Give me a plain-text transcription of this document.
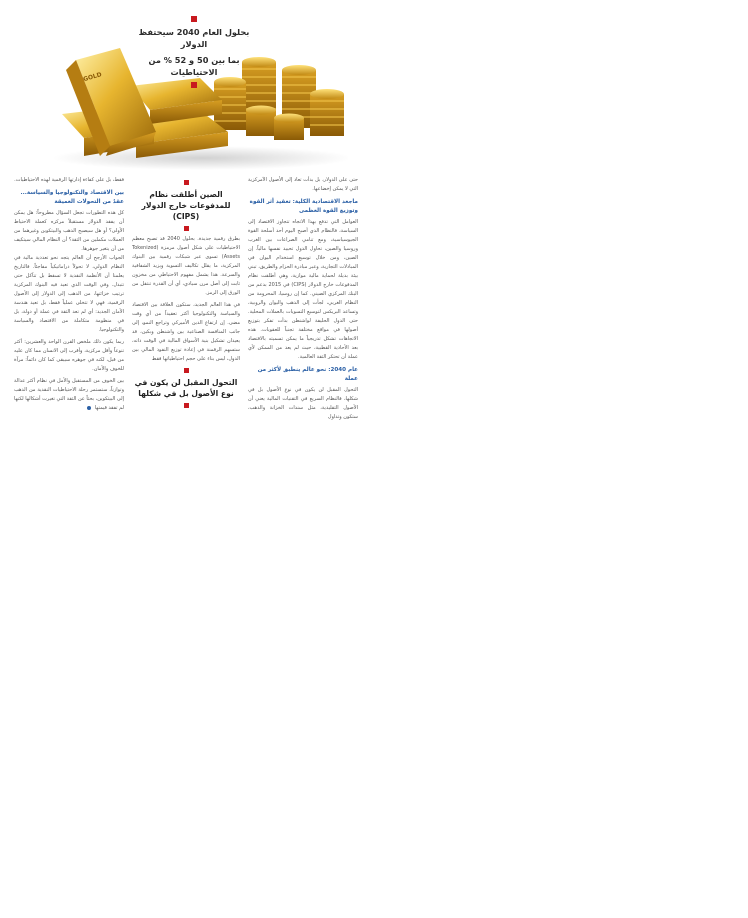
GOLD

بحلول العام 2040 سيحتفظ الدولار

بما بين 50 و 52 % من الاحتياطيات

حتى على الدولار، بل بدأت تعاد إلى الأصول الآمركزية التي لا يمكن إخضاعها.

ماجعد الاقتصادية الكلية: تعقيد أثر القوة وتوزيع القوة العظمى

العوامل التي تدفع بهذا الاتجاه تتجاوز الاقتصاد إلى السياسة، فالنظام الذي أصبح اليوم أحد أسلحة القوة الجيوسياسية، ومع تنامي الصراعات بين الغرب وروسيا والصين، تحاول الدول تحييد نفسها مالياً. إن الصين، ومن خلال توسيع استخدام اليوان في المبادلات التجارية، وعبر مبادرة الحزام والطريق، تبني بيئة بديلة لحماية مالية موازية، وهي أطلقت نظام المدفوعات خارج الدولار (CIPS) في 2015 بدعم من البنك المركزي الصيني. كما إن روسيا، المحرومة من النظام الغربي، لجأت إلى الذهب واليوان والروبية، وتساعد البريكس لتوسيع التسويات بالعملات المحلية. حتى الدول الحليفة لواشنطن بدأت تفكر بتوزيع أصولها في مواقع مختلفة تجنباً للعقوبات. هذه الاتجاهات تشكل تدريجياً ما يمكن تسميته بالاقتصاد بعد الأحادية القطبية، حيث لم يعد من الممكن لأي عملة أن تحتكر الثقة العالمية.

عام 2040: نحو عالم ينطبق لأكثر من عملة

التحول المقبل لن يكون في نوع الأصول بل في شكلها، فالنظام السريع في التقنيات المالية يعني أن الأصول التقليدية، مثل سندات الخزانة والذهب، ستكون وتداول

الصين أطلقت نظام للمدفوعات خارج الدولار (CIPS)

بطرق رقمية جديدة. بحلول 2040 قد تصبح معظم الاحتياطيات على شكل أصول مرمزة (Tokenized Assets) تسوى عبر شبكات رقمية بين البنوك المركزية، ما يقلل تكاليف التسوية ويزيد الشفافية والسرعة. هذا يشمل مفهوم الاحتياطي من مخزون ثابت إلى أصل مرن سيادي، أي أن القدرة تنتقل من الورق إلى الرمز.

في هذا العالم الجديد، ستكون العلاقة بين الاقتصاد والسياسة والتكنولوجيا أكثر تعقيداً من أي وقت مضى. إن ارتفاع الدين الأميركي وتراجع النمو، إلى جانب المنافسة الصناعية بين واشنطن وبكين، قد يعيدان تشكيل بنية الأسواق المالية في الوقت ذاته، ستسهم الرقمنة في إعادة توزيع النفوذ المالي بين الدول، ليس بناء على حجم احتياطياتها فقط

التحول المقبل لن يكون في نوع الأصول بل في شكلها

فقط، بل على كفاءة إدارتها الرقمية لهذه الاحتياطيات.

بين الاقتصاد والتكنولوجيا والسياسة... عقدٌ من التحولات العميقة

كل هذه التطورات تجعل السؤال مطروحاً: هل يمكن أن يفقد الدولار مستقبلاً مركزه كعملة الاحتياط الأولى؟ أو هل سيصبح الذهب والبيتكوين وغيرهما من العملات مكملين من الثقة؟ أن النظام المالي سيتكيف من أن يتغير جوهرها.

الجواب الأرجح أن العالم يتجه نحو تعددية مالية في النظام الدولي، لا تحولاً دراماتيكياً مفاجئاً. فالتاريخ يعلمنا أن الأنظمة النقدية لا تسقط بل تتآكل حتى تتبدل. وفي الوقت الذي تعيد فيه البنوك المركزية ترتيب خزائنها، من الذهب إلى الدولار إلى الأصول الرقمية، فهي لا تتخلى عملياً فقط، بل تعيد هندسة الأمان الجديد: أي لم تعد الثقة في عملة أو دولة، بل في منظومة متكاملة من الاقتصاد والسياسة والتكنولوجيا.

ربما يكون ذلك ملخص القرن الواحد والعشرين: أكثر تنوعاً وأقل مركزية، وأقرب إلى الانسان مما كان عليه من قبل، لكنه في جوهره سيبقى كما كان دائماً: مرآة للخوف والأمان.

بين الخوف من المستقبل والأمل في نظام أكثر عدالة وتوازناً، ستستمر رحلة الاحتياطيات النقدية من الذهب إلى البيتكوين، بحثاً عن الثقة التي تغيرت أشكالها لكنها لم تفقد قيمتها
